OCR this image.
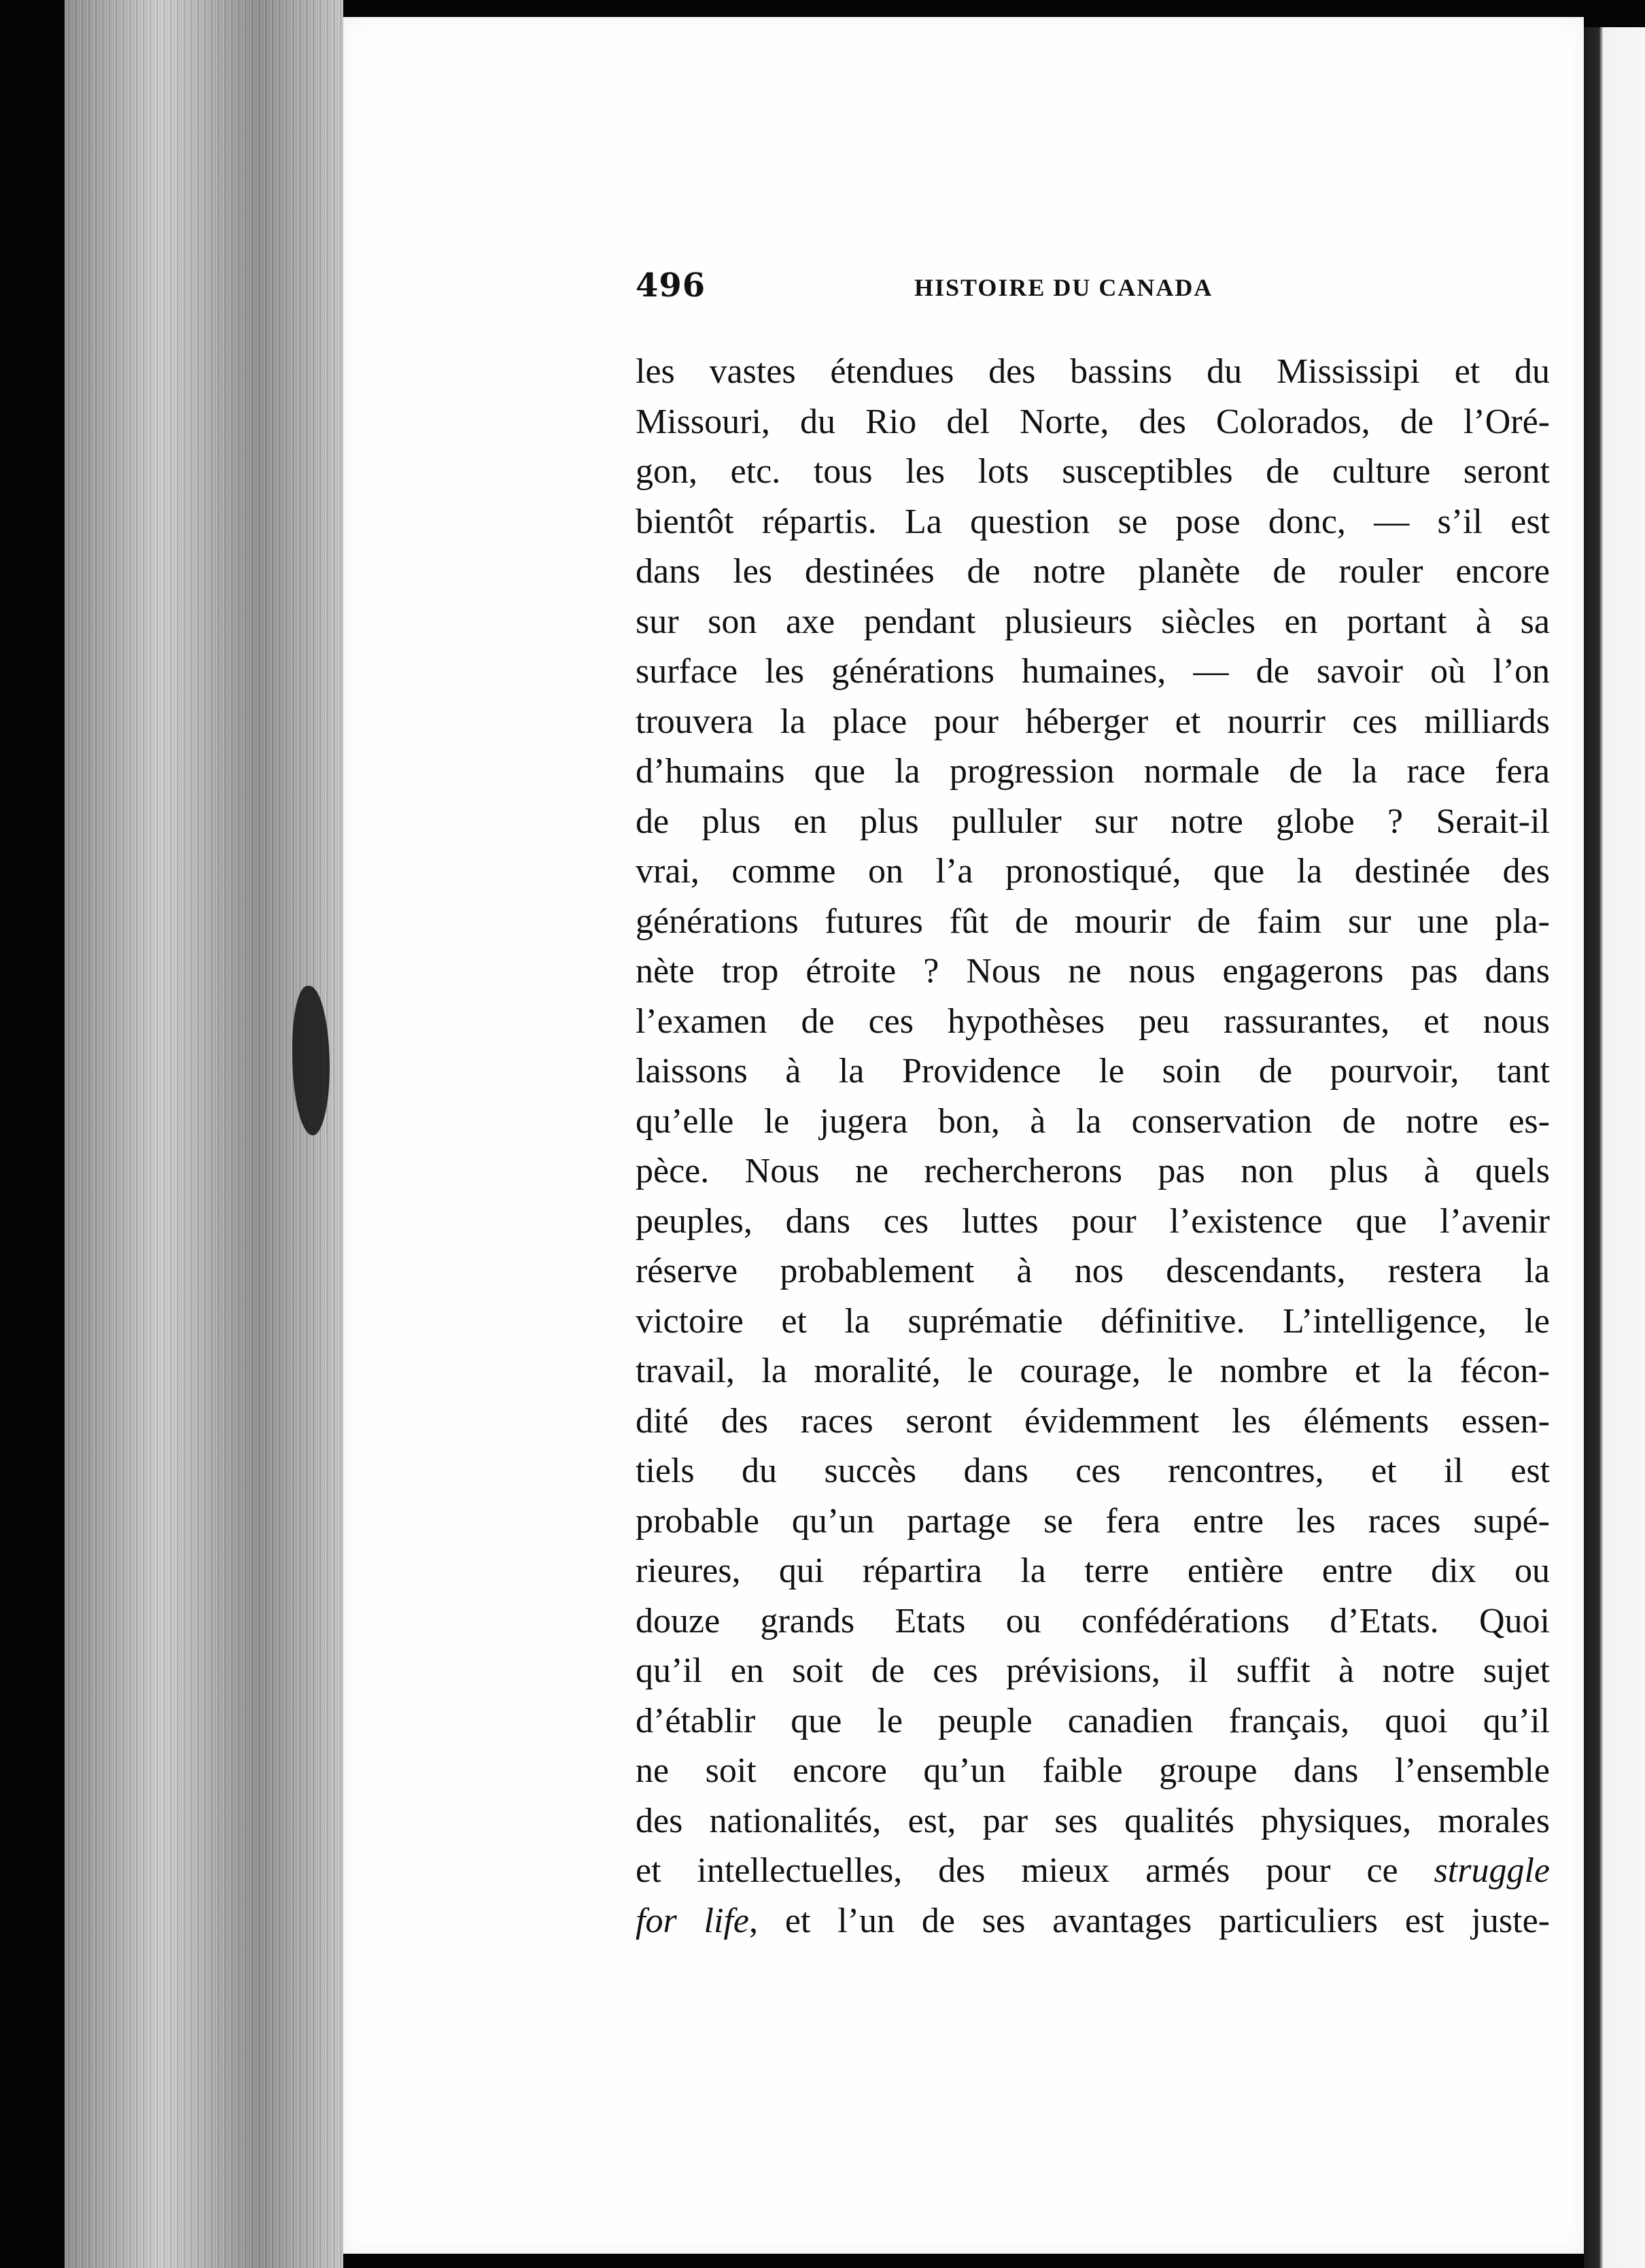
496	HISTOIRE DU CANADA
les vastes étendues des bassins du Mississipi et du
Missouri, du Rio del Norte, des Colorados, de l’Oré-
gon, etc. tous les lots susceptibles de culture seront
bientôt répartis. La question se pose donc, — s’il est
dans les destinées de notre planète de rouler encore
sur son axe pendant plusieurs siècles en portant à sa
surface les générations humaines, — de savoir où l’on
trouvera la place pour héberger et nourrir ces milliards
d’humains que la progression normale de la race fera
de plus en plus pulluler sur notre globe ? Serait-il
vrai, comme on l’a pronostiqué, que la destinée des
générations futures fût de mourir de faim sur une pla-
nète trop étroite ? Nous ne nous engagerons pas dans
l’examen de ces hypothèses peu rassurantes, et nous
laissons à la Providence le soin de pourvoir, tant
qu’elle le jugera bon, à la conservation de notre es-
pèce. Nous ne rechercherons pas non plus à quels
peuples, dans ces luttes pour l’existence que l’avenir
réserve probablement à nos descendants, restera la
victoire et la suprématie définitive. L’intelligence, le
travail, la moralité, le courage, le nombre et la fécon-
dité des races seront évidemment les éléments essen-
tiels du succès dans ces rencontres, et il est
probable qu’un partage se fera entre les races supé-
rieures, qui répartira la terre entière entre dix ou
douze grands Etats ou confédérations d’Etats. Quoi
qu’il en soit de ces prévisions, il suffit à notre sujet
d’établir que le peuple canadien français, quoi qu’il
ne soit encore qu’un faible groupe dans l’ensemble
des nationalités, est, par ses qualités physiques, morales
et intellectuelles, des mieux armés pour ce struggle
for life, et l’un de ses avantages particuliers est juste-
